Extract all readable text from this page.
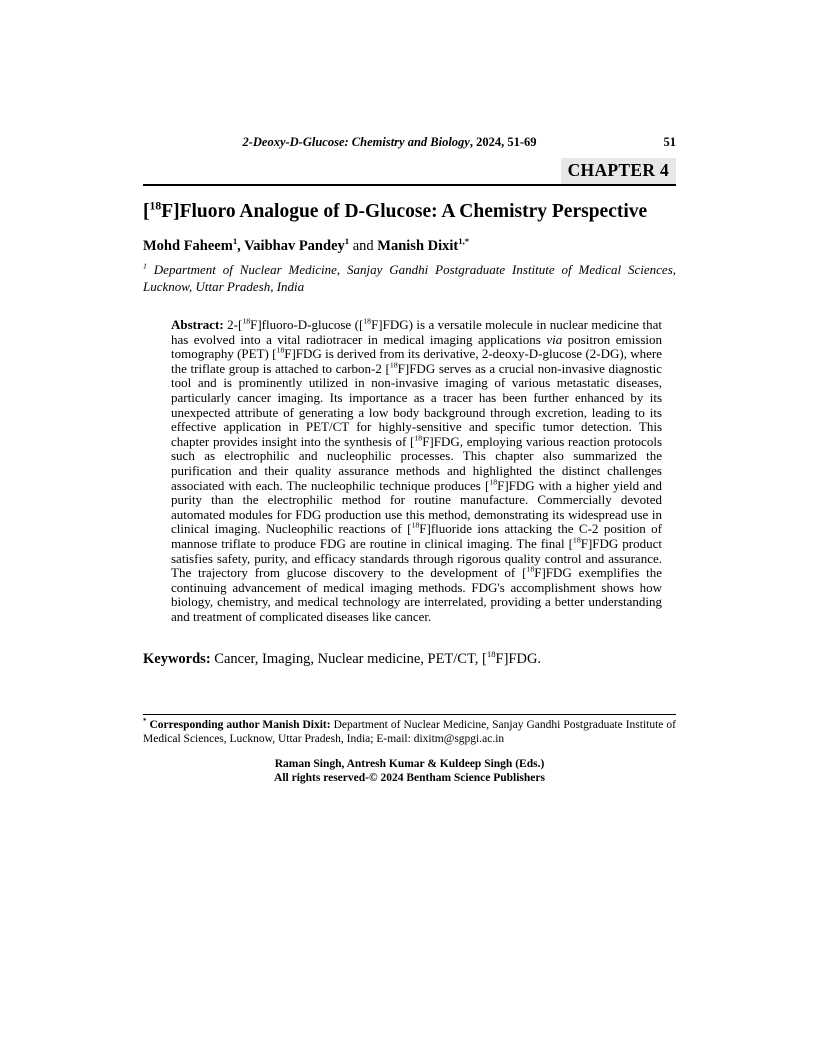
2-Deoxy-D-Glucose: Chemistry and Biology, 2024, 51-69	51
CHAPTER 4
[$^{18}$F]Fluoro Analogue of D-Glucose: A Chemistry Perspective
Mohd Faheem$^1$, Vaibhav Pandey$^1$ and Manish Dixit$^{1,*}$
$^1$ Department of Nuclear Medicine, Sanjay Gandhi Postgraduate Institute of Medical Sciences, Lucknow, Uttar Pradesh, India
Abstract: 2-[$^{18}$F]fluoro-D-glucose ([$^{18}$F]FDG) is a versatile molecule in nuclear medicine that has evolved into a vital radiotracer in medical imaging applications via positron emission tomography (PET) [$^{18}$F]FDG is derived from its derivative, 2-deoxy-D-glucose (2-DG), where the triflate group is attached to carbon-2 [$^{18}$F]FDG serves as a crucial non-invasive diagnostic tool and is prominently utilized in non-invasive imaging of various metastatic diseases, particularly cancer imaging. Its importance as a tracer has been further enhanced by its unexpected attribute of generating a low body background through excretion, leading to its effective application in PET/CT for highly-sensitive and specific tumor detection. This chapter provides insight into the synthesis of [$^{18}$F]FDG, employing various reaction protocols such as electrophilic and nucleophilic processes. This chapter also summarized the purification and their quality assurance methods and highlighted the distinct challenges associated with each. The nucleophilic technique produces [$^{18}$F]FDG with a higher yield and purity than the electrophilic method for routine manufacture. Commercially devoted automated modules for FDG production use this method, demonstrating its widespread use in clinical imaging. Nucleophilic reactions of [$^{18}$F]fluoride ions attacking the C-2 position of mannose triflate to produce FDG are routine in clinical imaging. The final [$^{18}$F]FDG product satisfies safety, purity, and efficacy standards through rigorous quality control and assurance. The trajectory from glucose discovery to the development of [$^{18}$F]FDG exemplifies the continuing advancement of medical imaging methods. FDG's accomplishment shows how biology, chemistry, and medical technology are interrelated, providing a better understanding and treatment of complicated diseases like cancer.
Keywords: Cancer, Imaging, Nuclear medicine, PET/CT, [$^{18}$F]FDG.
* Corresponding author Manish Dixit: Department of Nuclear Medicine, Sanjay Gandhi Postgraduate Institute of Medical Sciences, Lucknow, Uttar Pradesh, India; E-mail: dixitm@sgpgi.ac.in
Raman Singh, Antresh Kumar & Kuldeep Singh (Eds.)
All rights reserved-© 2024 Bentham Science Publishers
